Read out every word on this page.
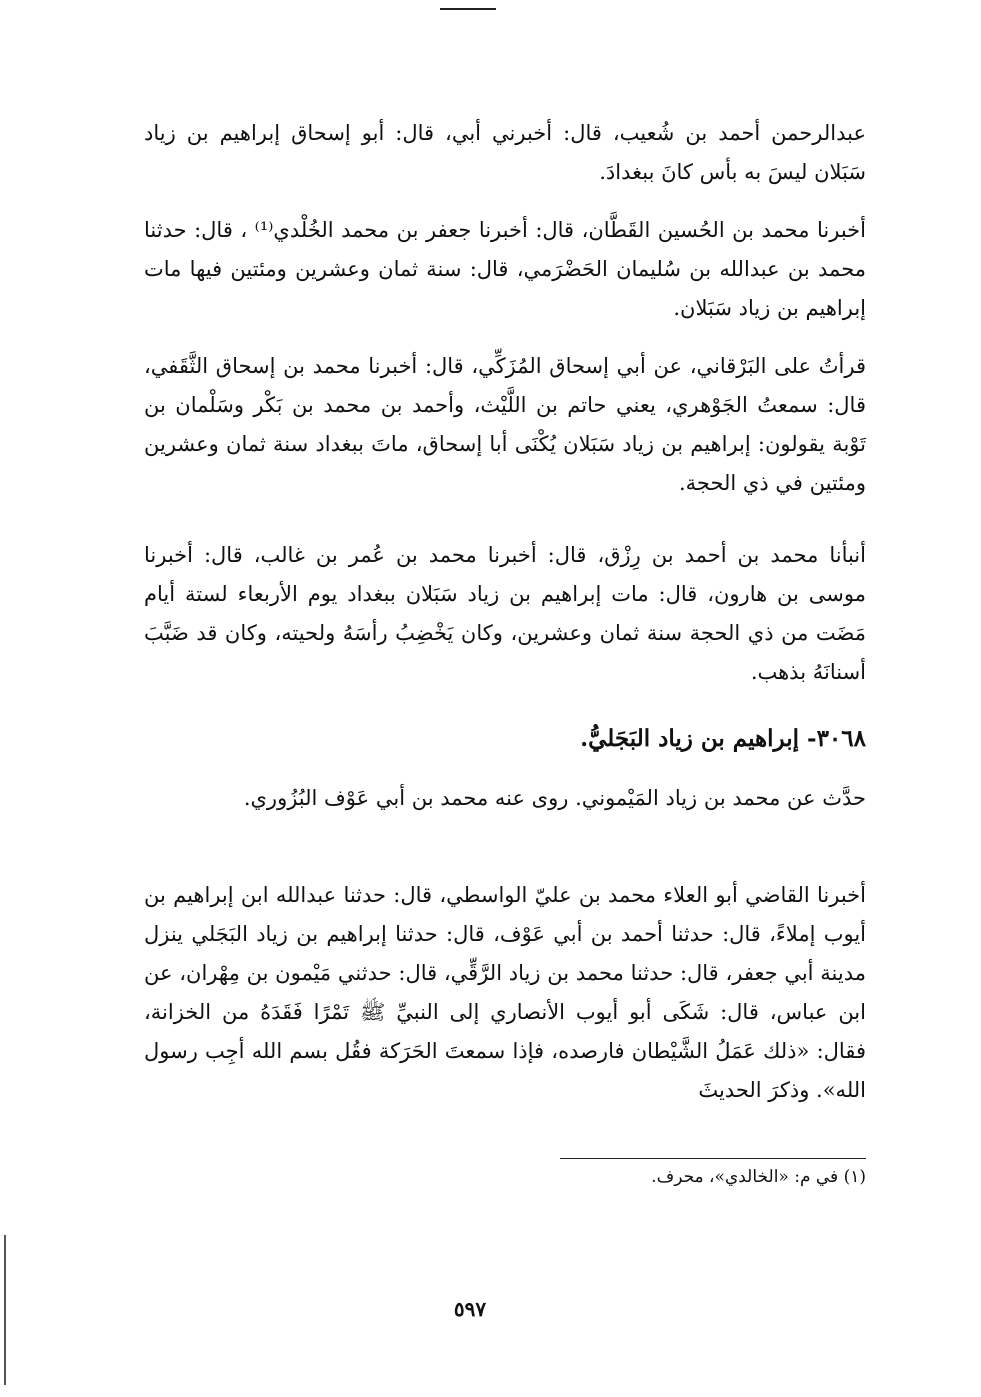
عبدالرحمن أحمد بن شُعيب، قال: أخبرني أبي، قال: أبو إسحاق إبراهيم بن زياد سَبَلان ليسَ به بأس كانَ ببغدادَ.

أخبرنا محمد بن الحُسين القَطَّان، قال: أخبرنا جعفر بن محمد الخُلْدي⁽¹⁾ ، قال: حدثنا محمد بن عبدالله بن سُليمان الحَضْرَمي، قال: سنة ثمان وعشرين ومئتين فيها مات إبراهيم بن زياد سَبَلان.

قرأتُ على البَرْقاني، عن أبي إسحاق المُزَكِّي، قال: أخبرنا محمد بن إسحاق الثَّقَفي، قال: سمعتُ الجَوْهري، يعني حاتم بن اللَّيْث، وأحمد بن محمد بن بَكْر وسَلْمان بن تَوْبة يقولون: إبراهيم بن زياد سَبَلان يُكْنَى أبا إسحاق، ماتَ ببغداد سنة ثمان وعشرين ومئتين في ذي الحجة.

أنبأنا محمد بن أحمد بن رِزْق، قال: أخبرنا محمد بن عُمر بن غالب، قال: أخبرنا موسى بن هارون، قال: مات إبراهيم بن زياد سَبَلان ببغداد يوم الأربعاء لستة أيام مَضَت من ذي الحجة سنة ثمان وعشرين، وكان يَخْضِبُ رأسَهُ ولحيته، وكان قد ضَبَّبَ أسنانَهُ بذهب.

٣٠٦٨- إبراهيم بن زياد البَجَليُّ.

حدَّث عن محمد بن زياد المَيْموني. روى عنه محمد بن أبي عَوْف البُزُوري.

أخبرنا القاضي أبو العلاء محمد بن عليّ الواسطي، قال: حدثنا عبدالله ابن إبراهيم بن أيوب إملاءً، قال: حدثنا أحمد بن أبي عَوْف، قال: حدثنا إبراهيم بن زياد البَجَلي ينزل مدينة أبي جعفر، قال: حدثنا محمد بن زياد الرَّقِّي، قال: حدثني مَيْمون بن مِهْران، عن ابن عباس، قال: شَكَى أبو أيوب الأنصاري إلى النبيِّ ﷺ تَمْرًا فَقَدَهُ من الخزانة، فقال: «ذلك عَمَلُ الشَّيْطان فارصده، فإذا سمعتَ الحَرَكة فقُل بسم الله أجِب رسول الله». وذكرَ الحديثَ

(١) في م: «الخالدي»، محرف.

٥٩٧
